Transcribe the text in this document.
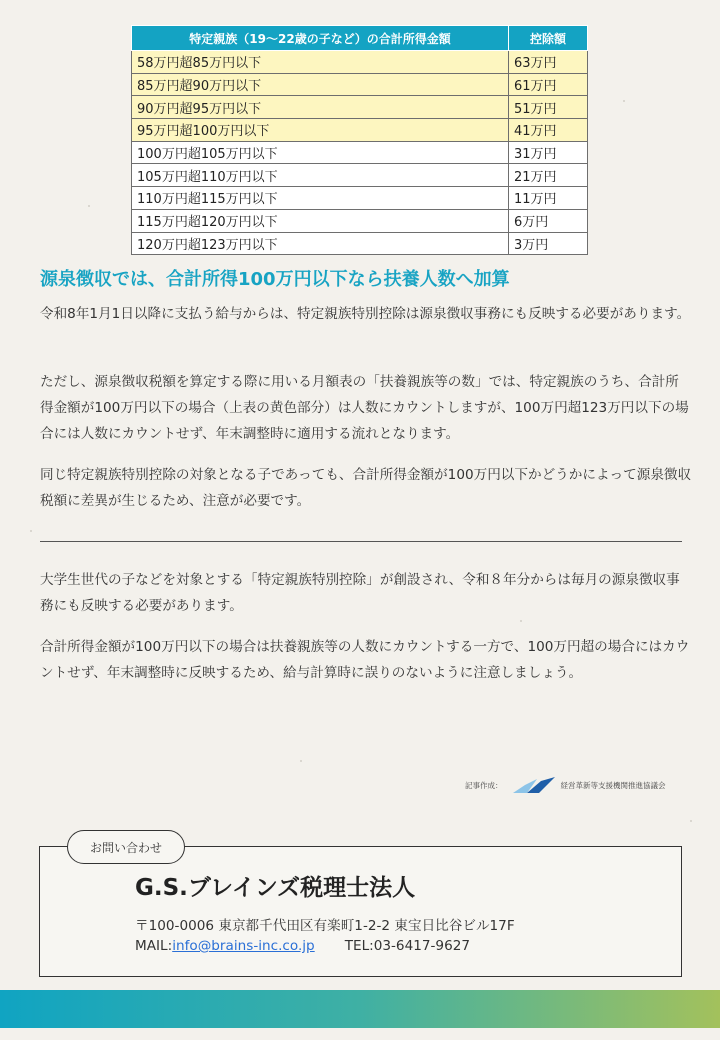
特定親族（19〜22歳の子など）の合計所得金額	控除額
58万円超85万円以下	63万円
85万円超90万円以下	61万円
90万円超95万円以下	51万円
95万円超100万円以下	41万円
100万円超105万円以下	31万円
105万円超110万円以下	21万円
110万円超115万円以下	11万円
115万円超120万円以下	6万円
120万円超123万円以下	3万円
源泉徴収では、合計所得100万円以下なら扶養人数へ加算

令和8年1月1日以降に支払う給与からは、特定親族特別控除は源泉徴収事務にも反映する必要があります。

ただし、源泉徴収税額を算定する際に用いる月額表の「扶養親族等の数」では、特定親族のうち、合計所得金額が100万円以下の場合（上表の黄色部分）は人数にカウントしますが、100万円超123万円以下の場合には人数にカウントせず、年末調整時に適用する流れとなります。

同じ特定親族特別控除の対象となる子であっても、合計所得金額が100万円以下かどうかによって源泉徴収税額に差異が生じるため、注意が必要です。

大学生世代の子などを対象とする「特定親族特別控除」が創設され、令和８年分からは毎月の源泉徴収事務にも反映する必要があります。

合計所得金額が100万円以下の場合は扶養親族等の人数にカウントする一方で、100万円超の場合にはカウントせず、年末調整時に反映するため、給与計算時に誤りのないように注意しましょう。

記事作成：	経営革新等支援機関推進協議会
お問い合わせ
G.S.ブレインズ税理士法人
〒100-0006 東京都千代田区有楽町1-2-2 東宝日比谷ビル17F
MAIL: info@brains-inc.co.jp TEL:03-6417-9627
